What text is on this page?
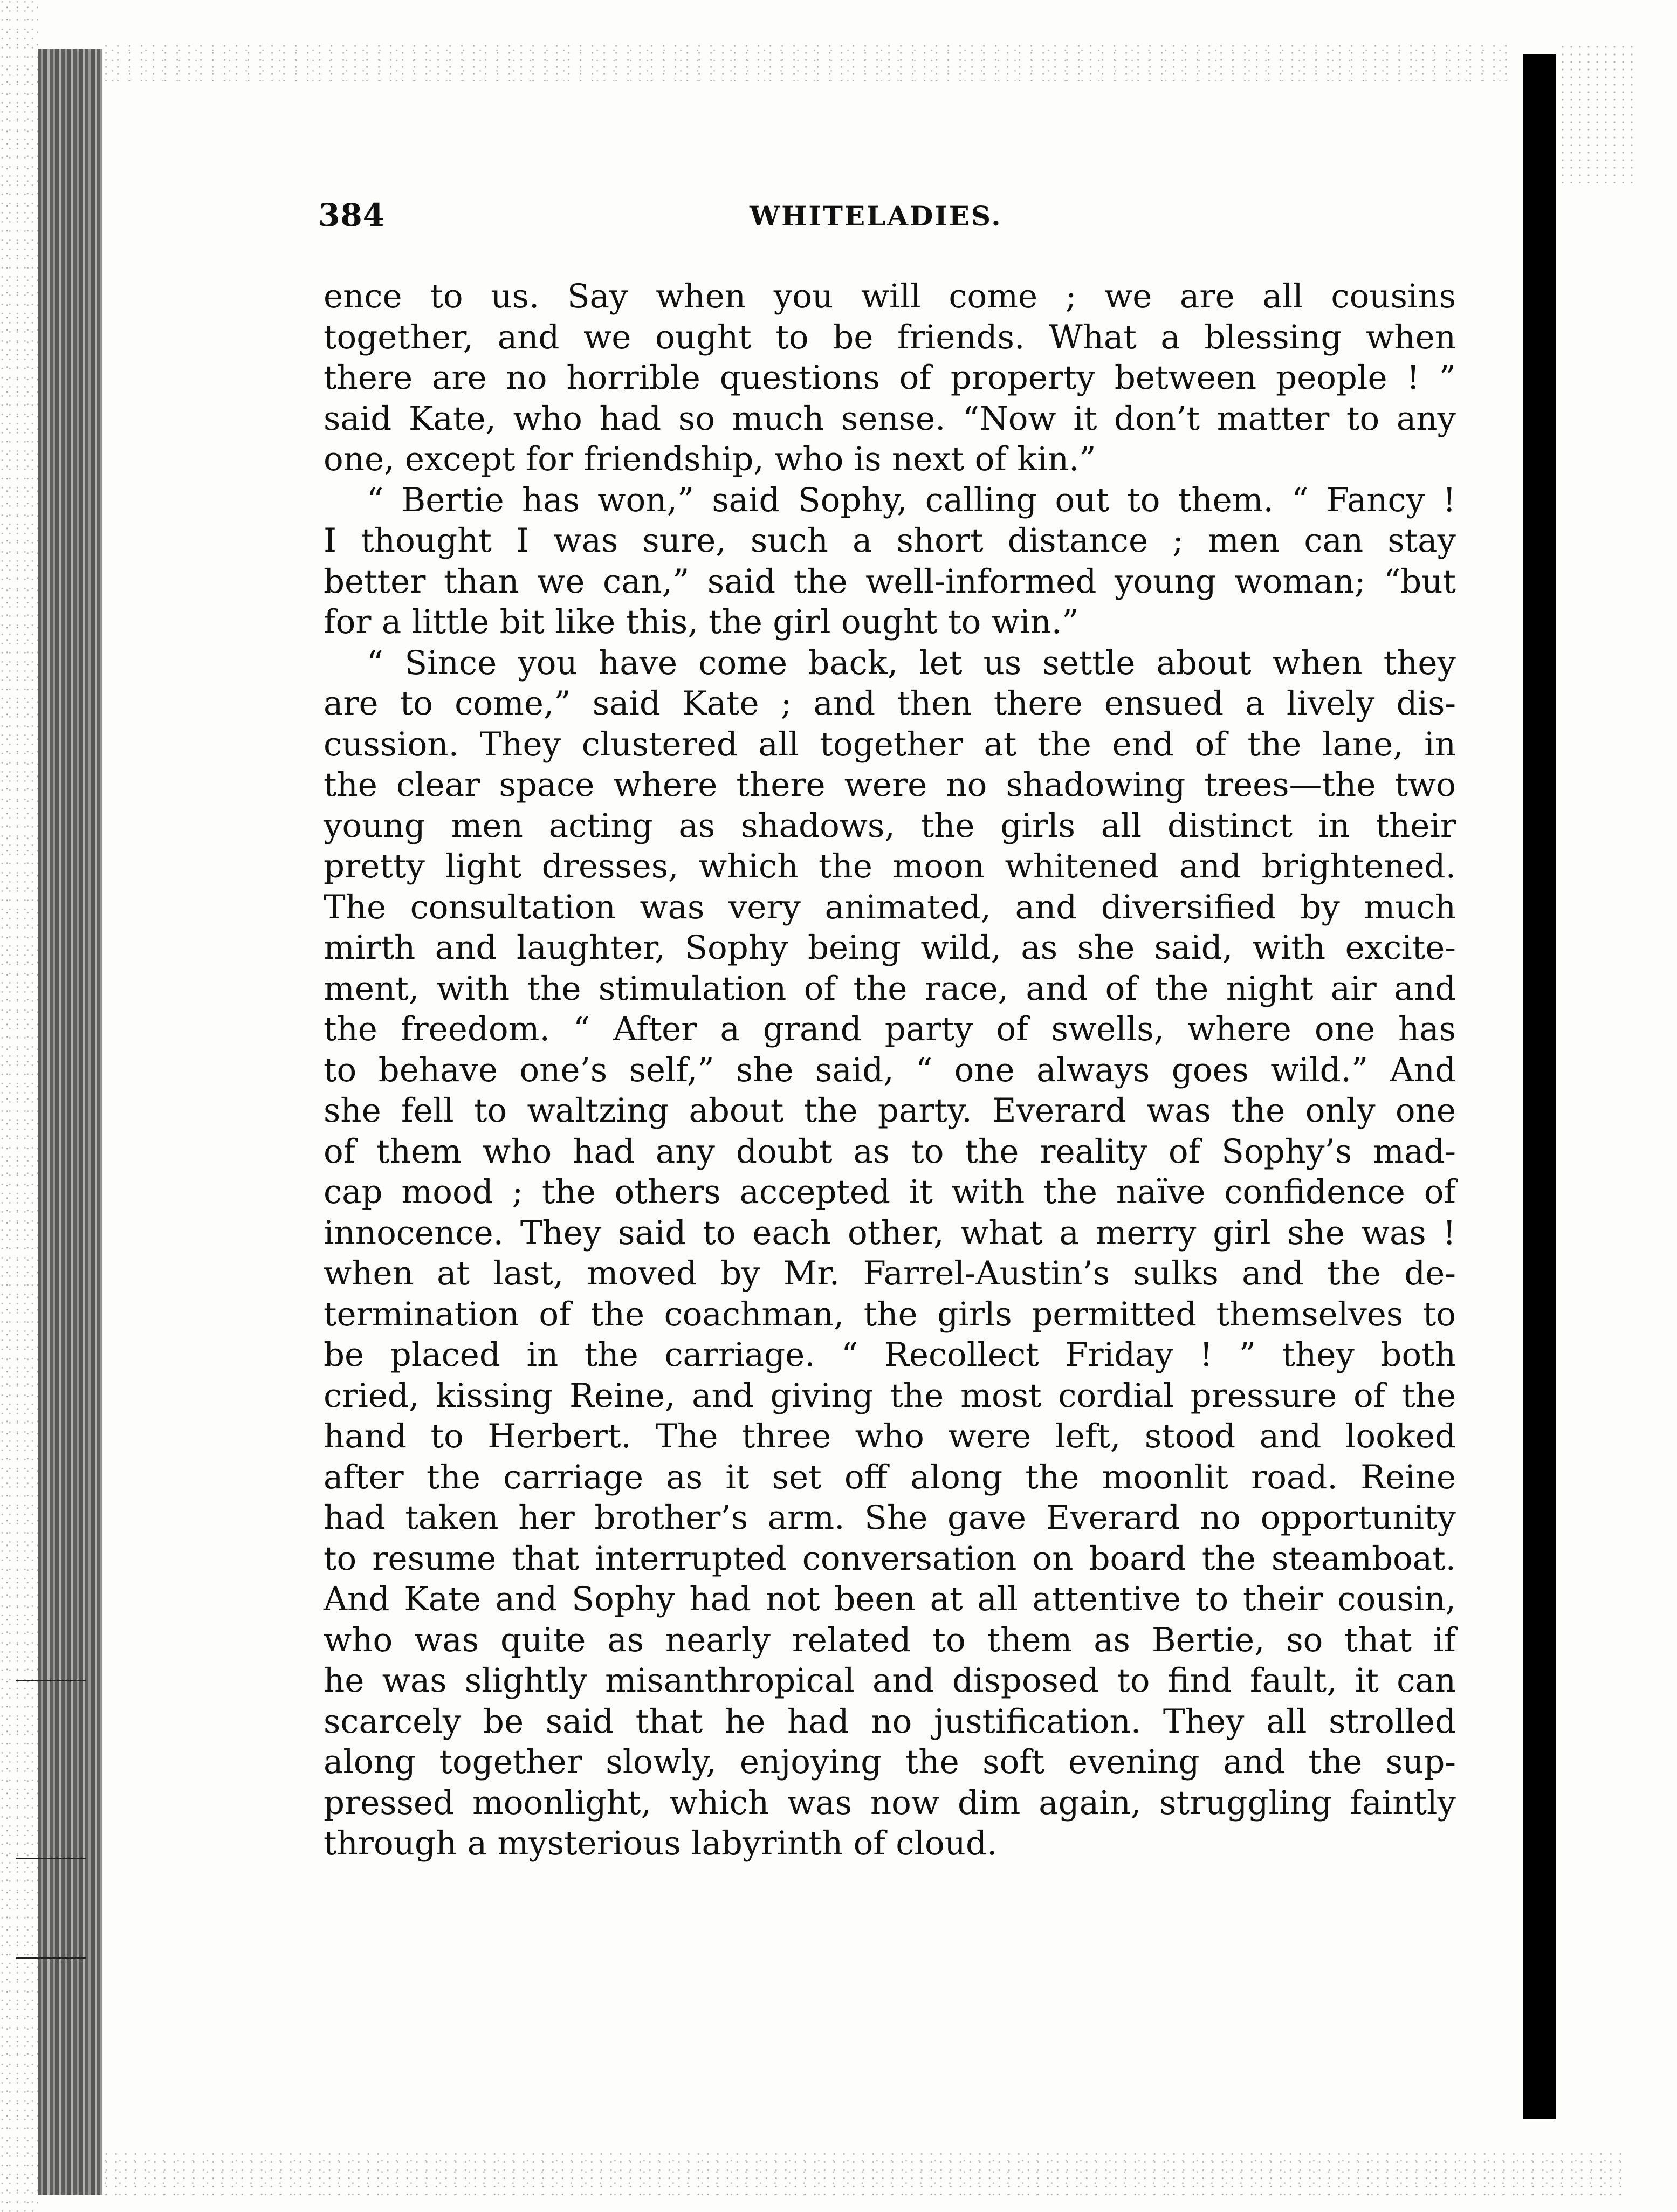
384	WHITELADIES.
ence to us. Say when you will come ; we are all cousins
together, and we ought to be friends. What a blessing when
there are no horrible questions of property between people ! ”
said Kate, who had so much sense. “Now it don’t matter to any
one, except for friendship, who is next of kin.”
“ Bertie has won,” said Sophy, calling out to them. “ Fancy !
I thought I was sure, such a short distance ; men can stay
better than we can,” said the well-informed young woman; “but
for a little bit like this, the girl ought to win.”
“ Since you have come back, let us settle about when they
are to come,” said Kate ; and then there ensued a lively dis-
cussion. They clustered all together at the end of the lane, in
the clear space where there were no shadowing trees—the two
young men acting as shadows, the girls all distinct in their
pretty light dresses, which the moon whitened and brightened.
The consultation was very animated, and diversified by much
mirth and laughter, Sophy being wild, as she said, with excite-
ment, with the stimulation of the race, and of the night air and
the freedom. “ After a grand party of swells, where one has
to behave one’s self,” she said, “ one always goes wild.” And
she fell to waltzing about the party. Everard was the only one
of them who had any doubt as to the reality of Sophy’s mad-
cap mood ; the others accepted it with the naïve confidence of
innocence. They said to each other, what a merry girl she was !
when at last, moved by Mr. Farrel-Austin’s sulks and the de-
termination of the coachman, the girls permitted themselves to
be placed in the carriage. “ Recollect Friday ! ” they both
cried, kissing Reine, and giving the most cordial pressure of the
hand to Herbert. The three who were left, stood and looked
after the carriage as it set off along the moonlit road. Reine
had taken her brother’s arm. She gave Everard no opportunity
to resume that interrupted conversation on board the steamboat.
And Kate and Sophy had not been at all attentive to their cousin,
who was quite as nearly related to them as Bertie, so that if
he was slightly misanthropical and disposed to find fault, it can
scarcely be said that he had no justification. They all strolled
along together slowly, enjoying the soft evening and the sup-
pressed moonlight, which was now dim again, struggling faintly
through a mysterious labyrinth of cloud.
